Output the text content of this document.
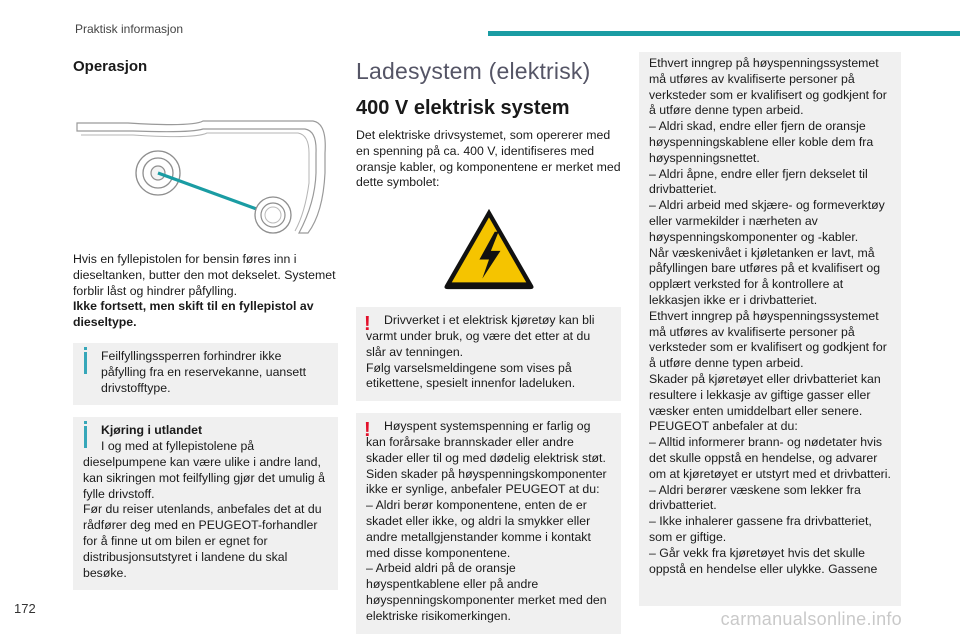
Praktisk informasjon
Operasjon

Hvis en fyllepistolen for bensin føres inn i dieseltanken, butter den mot dekselet. Systemet forblir låst og hindrer påfylling.

Ikke fortsett, men skift til en fyllepistol av dieseltype.

Feilfyllingssperren forhindrer ikke

påfylling fra en reservekanne, uansett drivstofftype.

Kjøring i utlandet

I og med at fyllepistolene på

dieselpumpene kan være ulike i andre land, kan sikringen mot feilfylling gjør det umulig å fylle drivstoff.

Før du reiser utenlands, anbefales det at du rådfører deg med en PEUGEOT-forhandler for å finne ut om bilen er egnet for distribusjonsutstyret i landene du skal besøke.

Ladesystem (elektrisk)
400 V elektrisk system

Det elektriske drivsystemet, som opererer med en spenning på ca. 400 V, identifiseres med oransje kabler, og komponentene er merket med dette symbolet:

!	Drivverket i et elektrisk kjøretøy kan bli

varmt under bruk, og være det etter at du slår av tenningen.

Følg varselsmeldingene som vises på etikettene, spesielt innenfor ladeluken.

!	Høyspent systemspenning er farlig og

kan forårsake brannskader eller andre skader eller til og med dødelig elektrisk støt.

Siden skader på høyspenningskomponenter ikke er synlige, anbefaler PEUGEOT at du:

– Aldri berør komponentene, enten de er skadet eller ikke, og aldri la smykker eller andre metallgjenstander komme i kontakt med disse komponentene.

– Arbeid aldri på de oransje høyspentkablene eller på andre høyspenningskomponenter merket med den elektriske risikomerkingen.

Ethvert inngrep på høyspenningssystemet må utføres av kvalifiserte personer på verksteder som er kvalifisert og godkjent for å utføre denne typen arbeid.

– Aldri skad, endre eller fjern de oransje høyspenningskablene eller koble dem fra høyspenningsnettet.

– Aldri åpne, endre eller fjern dekselet til drivbatteriet.

– Aldri arbeid med skjære- og formeverktøy eller varmekilder i nærheten av høyspenningskomponenter og -kabler.

Når væskenivået i kjøletanken er lavt, må påfyllingen bare utføres på et kvalifisert og opplært verksted for å kontrollere at lekkasjen ikke er i drivbatteriet.

Ethvert inngrep på høyspenningssystemet må utføres av kvalifiserte personer på verksteder som er kvalifisert og godkjent for å utføre denne typen arbeid.

Skader på kjøretøyet eller drivbatteriet kan resultere i lekkasje av giftige gasser eller væsker enten umiddelbart eller senere.

PEUGEOT anbefaler at du:

– Alltid informerer brann- og nødetater hvis det skulle oppstå en hendelse, og advarer om at kjøretøyet er utstyrt med et drivbatteri.

– Aldri berører væskene som lekker fra drivbatteriet.

– Ikke inhalerer gassene fra drivbatteriet, som er giftige.

– Går vekk fra kjøretøyet hvis det skulle oppstå en hendelse eller ulykke. Gassene

172
carmanualsonline.info
